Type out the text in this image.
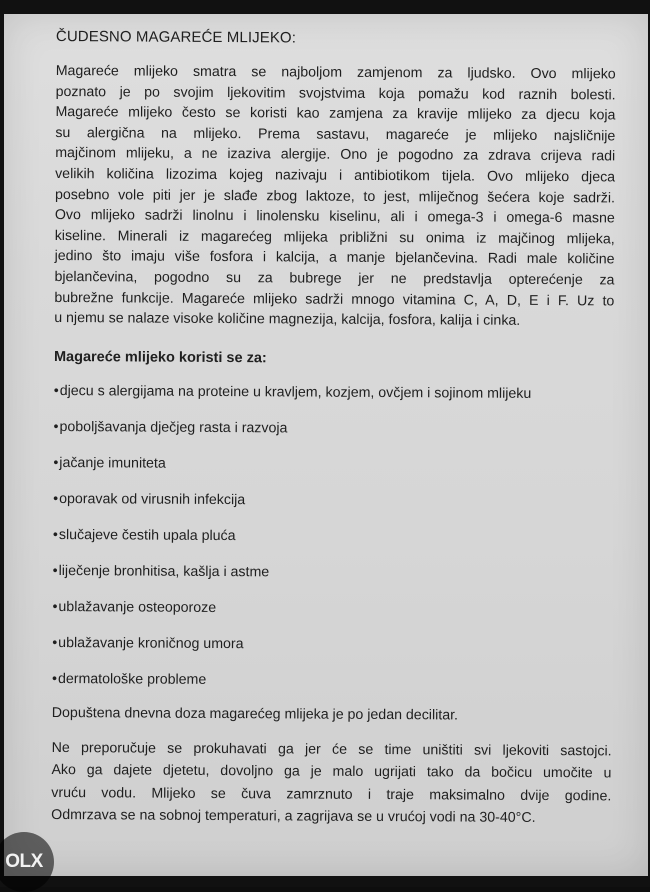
ČUDESNO MAGAREĆE MLIJEKO:
Magareće mlijeko smatra se najboljom zamjenom za ljudsko. Ovo mlijeko
poznato je po svojim ljekovitim svojstvima koja pomažu kod raznih bolesti.
Magareće mlijeko često se koristi kao zamjena za kravije mlijeko za djecu koja
su alergična na mlijeko. Prema sastavu, magareće je mlijeko najsličnije
majčinom mlijeku, a ne izaziva alergije. Ono je pogodno za zdrava crijeva radi
velikih količina lizozima kojeg nazivaju i antibiotikom tijela. Ovo mlijeko djeca
posebno vole piti jer je slađe zbog laktoze, to jest, mliječnog šećera koje sadrži.
Ovo mlijeko sadrži linolnu i linolensku kiselinu, ali i omega-3 i omega-6 masne
kiseline. Minerali iz magarećeg mlijeka približni su onima iz majčinog mlijeka,
jedino što imaju više fosfora i kalcija, a manje bjelančevina. Radi male količine
bjelančevina, pogodno su za bubrege jer ne predstavlja opterećenje za
bubrežne funkcije. Magareće mlijeko sadrži mnogo vitamina C, A, D, E i F. Uz to
u njemu se nalaze visoke količine magnezija, kalcija, fosfora, kalija i cinka.
Magareće mlijeko koristi se za:
•djecu s alergijama na proteine u kravljem, kozjem, ovčjem i sojinom mlijeku
•poboljšavanja dječjeg rasta i razvoja
•jačanje imuniteta
•oporavak od virusnih infekcija
•slučajeve čestih upala pluća
•liječenje bronhitisa, kašlja i astme
•ublažavanje osteoporoze
•ublažavanje kroničnog umora
•dermatološke probleme
Dopuštena dnevna doza magarećeg mlijeka je po jedan decilitar.
Ne preporučuje se prokuhavati ga jer će se time uništiti svi ljekoviti sastojci.
Ako ga dajete djetetu, dovoljno ga je malo ugrijati tako da bočicu umočite u
vruću vodu. Mlijeko se čuva zamrznuto i traje maksimalno dvije godine.
Odmrzava se na sobnoj temperaturi, a zagrijava se u vrućoj vodi na 30-40°C.
OLX
